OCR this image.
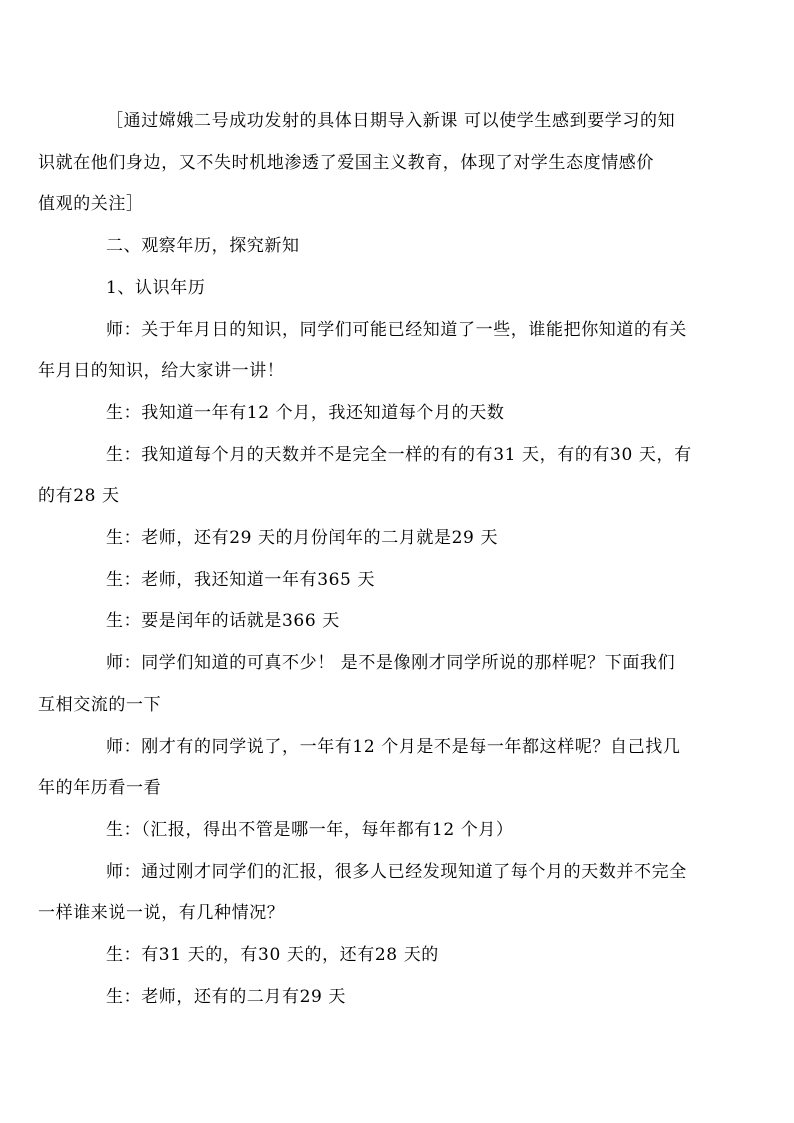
［通过嫦娥二号成功发射的具体日期导入新课 可以使学生感到要学习的知
识就在他们身边，又不失时机地渗透了爱国主义教育，体现了对学生态度情感价
值观的关注］

二、观察年历，探究新知

1、认识年历

师：关于年月日的知识，同学们可能已经知道了一些，谁能把你知道的有关
年月日的知识，给大家讲一讲！

生：我知道一年有12 个月，我还知道每个月的天数

生：我知道每个月的天数并不是完全一样的有的有31 天，有的有30 天，有
的有28 天

生：老师，还有29 天的月份闰年的二月就是29 天

生：老师，我还知道一年有365 天

生：要是闰年的话就是366 天

师：同学们知道的可真不少！ 是不是像刚才同学所说的那样呢？下面我们
互相交流的一下

师：刚才有的同学说了，一年有12 个月是不是每一年都这样呢？自己找几
年的年历看一看

生：（汇报，得出不管是哪一年，每年都有12 个月）

师：通过刚才同学们的汇报，很多人已经发现知道了每个月的天数并不完全
一样谁来说一说，有几种情况？

生：有31 天的，有30 天的，还有28 天的

生：老师，还有的二月有29 天
